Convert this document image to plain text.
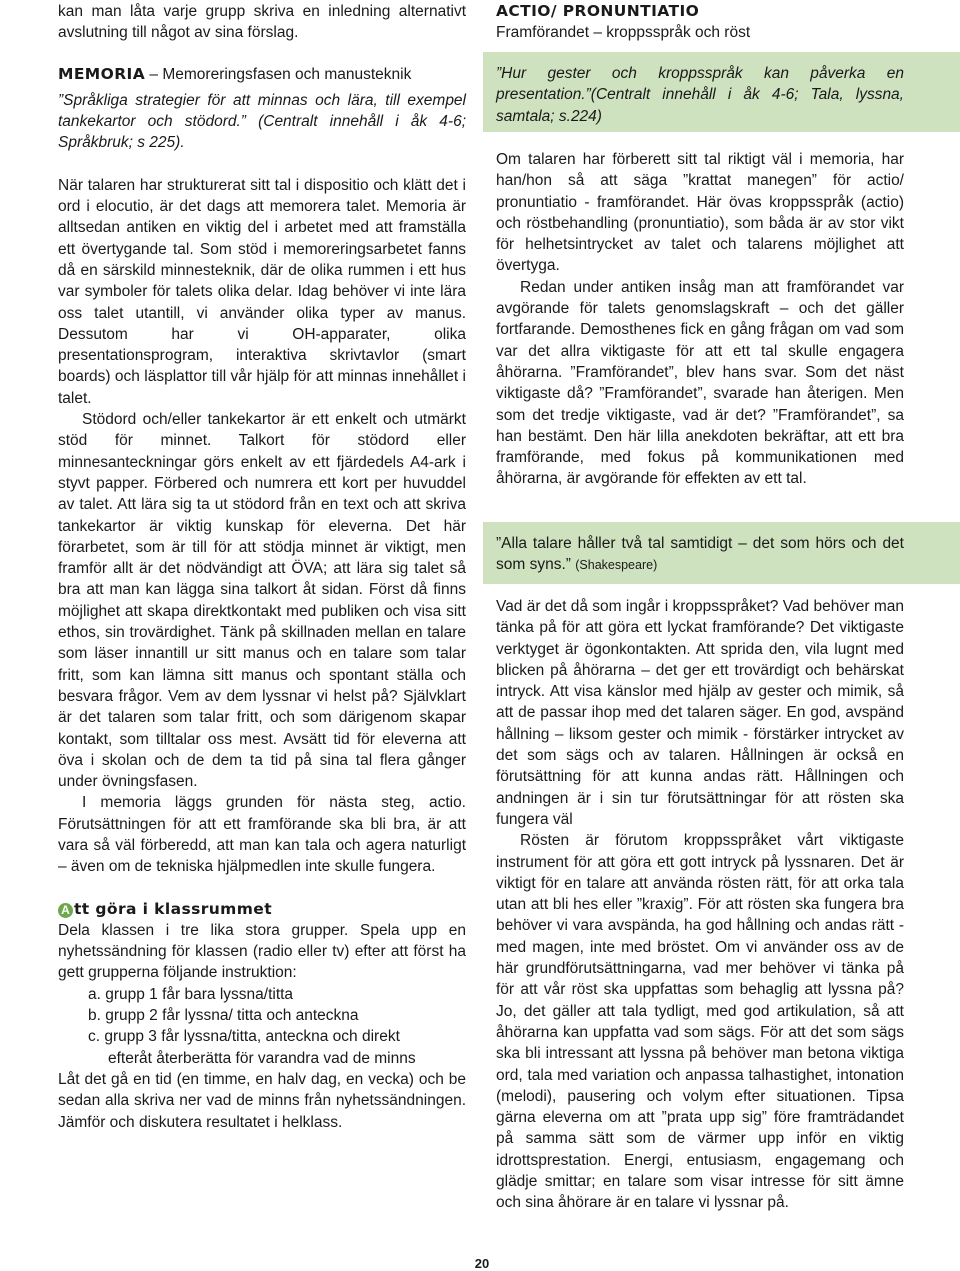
”Hur gester och kroppsspråk kan påverka en presentation.”(Centralt innehåll i åk 4-6; Tala, lyssna, samtala; s.224)

”Alla talare håller två tal samtidigt – det som hörs och det som syns.” (Shakespeare)

kan man låta varje grupp skriva en inledning alternativt avslutning till något av sina förslag.

MEMORIA – Memoreringsfasen och manusteknik

”Språkliga strategier för att minnas och lära, till exempel tankekartor och stödord.” (Centralt innehåll i åk 4-6; Språkbruk; s 225).

När talaren har strukturerat sitt tal i dispositio och klätt det i ord i elocutio, är det dags att memorera talet. Memoria är alltsedan antiken en viktig del i arbetet med att framställa ett övertygande tal. Som stöd i memoreringsarbetet fanns då en särskild minnesteknik, där de olika rummen i ett hus var symboler för talets olika delar. Idag behöver vi inte lära oss talet utantill, vi använder olika typer av manus. Dessutom har vi OH-apparater, olika presentationsprogram, interaktiva skrivtavlor (smart boards) och läsplattor till vår hjälp för att minnas innehållet i talet.

Stödord och/eller tankekartor är ett enkelt och utmärkt stöd för minnet. Talkort för stödord eller minnesanteckningar görs enkelt av ett fjärdedels A4-ark i styvt papper. Förbered och numrera ett kort per huvuddel av talet. Att lära sig ta ut stödord från en text och att skriva tankekartor är viktig kunskap för eleverna. Det här förarbetet, som är till för att stödja minnet är viktigt, men framför allt är det nödvändigt att ÖVA; att lära sig talet så bra att man kan lägga sina talkort åt sidan. Först då finns möjlighet att skapa direktkontakt med publiken och visa sitt ethos, sin trovärdighet. Tänk på skillnaden mellan en talare som läser innantill ur sitt manus och en talare som talar fritt, som kan lämna sitt manus och spontant ställa och besvara frågor. Vem av dem lyssnar vi helst på? Självklart är det talaren som talar fritt, och som därigenom skapar kontakt, som tilltalar oss mest. Avsätt tid för eleverna att öva i skolan och de dem ta tid på sina tal flera gånger under övningsfasen.

I memoria läggs grunden för nästa steg, actio. Förutsättningen för att ett framförande ska bli bra, är att vara så väl förberedd, att man kan tala och agera naturligt – även om de tekniska hjälpmedlen inte skulle fungera.

A tt göra i klassrummet

Dela klassen i tre lika stora grupper. Spela upp en nyhetssändning för klassen (radio eller tv) efter att först ha gett grupperna följande instruktion:

a. grupp 1 får bara lyssna/titta

b. grupp 2 får lyssna/ titta och anteckna

c. grupp 3 får lyssna/titta, anteckna och direkt

efteråt återberätta för varandra vad de minns

Låt det gå en tid (en timme, en halv dag, en vecka) och be sedan alla skriva ner vad de minns från nyhetssändningen. Jämför och diskutera resultatet i helklass.

ACTIO/ PRONUNTIATIO

Framförandet – kroppsspråk och röst

Om talaren har förberett sitt tal riktigt väl i memoria, har han/hon så att säga ”krattat manegen” för actio/ pronuntiatio - framförandet. Här övas kroppsspråk (actio) och röstbehandling (pronuntiatio), som båda är av stor vikt för helhetsintrycket av talet och talarens möjlighet att övertyga.

Redan under antiken insåg man att framförandet var avgörande för talets genomslagskraft – och det gäller fortfarande. Demosthenes fick en gång frågan om vad som var det allra viktigaste för att ett tal skulle engagera åhörarna. ”Framförandet”, blev hans svar. Som det näst viktigaste då? ”Framförandet”, svarade han återigen. Men som det tredje viktigaste, vad är det? ”Framförandet”, sa han bestämt. Den här lilla anekdoten bekräftar, att ett bra framförande, med fokus på kommunikationen med åhörarna, är avgörande för effekten av ett tal.

Vad är det då som ingår i kroppsspråket? Vad behöver man tänka på för att göra ett lyckat framförande? Det viktigaste verktyget är ögonkontakten. Att sprida den, vila lugnt med blicken på åhörarna – det ger ett trovärdigt och behärskat intryck. Att visa känslor med hjälp av gester och mimik, så att de passar ihop med det talaren säger. En god, avspänd hållning – liksom gester och mimik - förstärker intrycket av det som sägs och av talaren. Hållningen är också en förutsättning för att kunna andas rätt. Hållningen och andningen är i sin tur förutsättningar för att rösten ska fungera väl

Rösten är förutom kroppsspråket vårt viktigaste instrument för att göra ett gott intryck på lyssnaren. Det är viktigt för en talare att använda rösten rätt, för att orka tala utan att bli hes eller ”kraxig”. För att rösten ska fungera bra behöver vi vara avspända, ha god hållning och andas rätt - med magen, inte med bröstet. Om vi använder oss av de här grundförutsättningarna, vad mer behöver vi tänka på för att vår röst ska uppfattas som behaglig att lyssna på? Jo, det gäller att tala tydligt, med god artikulation, så att åhörarna kan uppfatta vad som sägs. För att det som sägs ska bli intressant att lyssna på behöver man betona viktiga ord, tala med variation och anpassa talhastighet, intonation (melodi), pausering och volym efter situationen. Tipsa gärna eleverna om att ”prata upp sig” före framträdandet på samma sätt som de värmer upp inför en viktig idrottsprestation. Energi, entusiasm, engagemang och glädje smittar; en talare som visar intresse för sitt ämne och sina åhörare är en talare vi lyssnar på.

20
